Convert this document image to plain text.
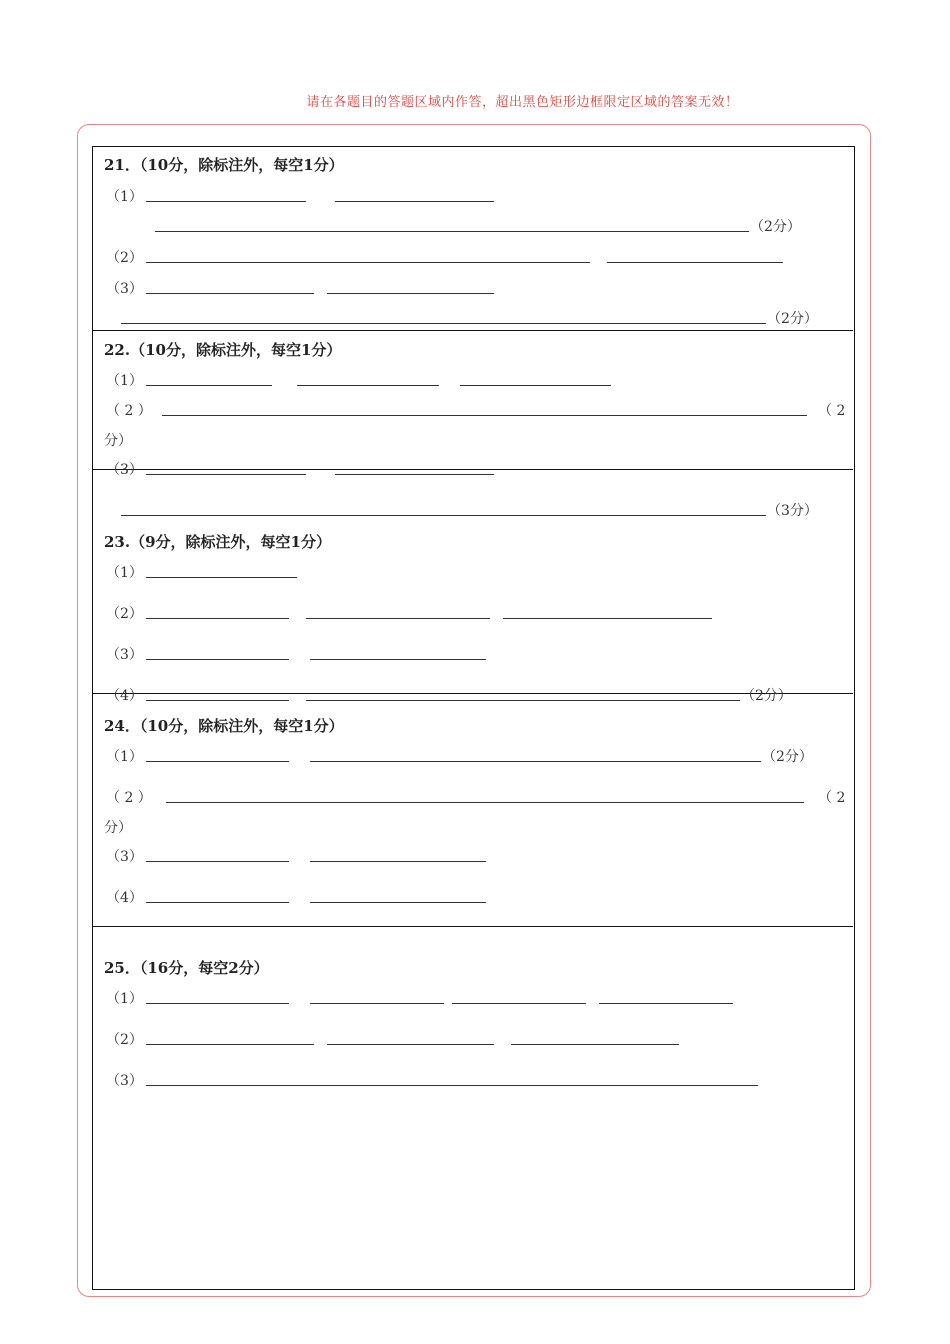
请在各题目的答题区域内作答，超出黑色矩形边框限定区域的答案无效！
21．（10分，除标注外，每空1分）
（1）
（2分）
（2）
（3）
（2分）
22.（10分，除标注外，每空1分）
（1）
（ 2 ）	（ 2
分）
（3）
（3分）
23.（9分，除标注外，每空1分）
（1）
（2）
（3）
（4）	（2分）
24．（10分，除标注外，每空1分）
（1）	（2分）
（ 2 ）	（ 2
分）
（3）
（4）
25．（16分，每空2分）
（1）
（2）
（3）
